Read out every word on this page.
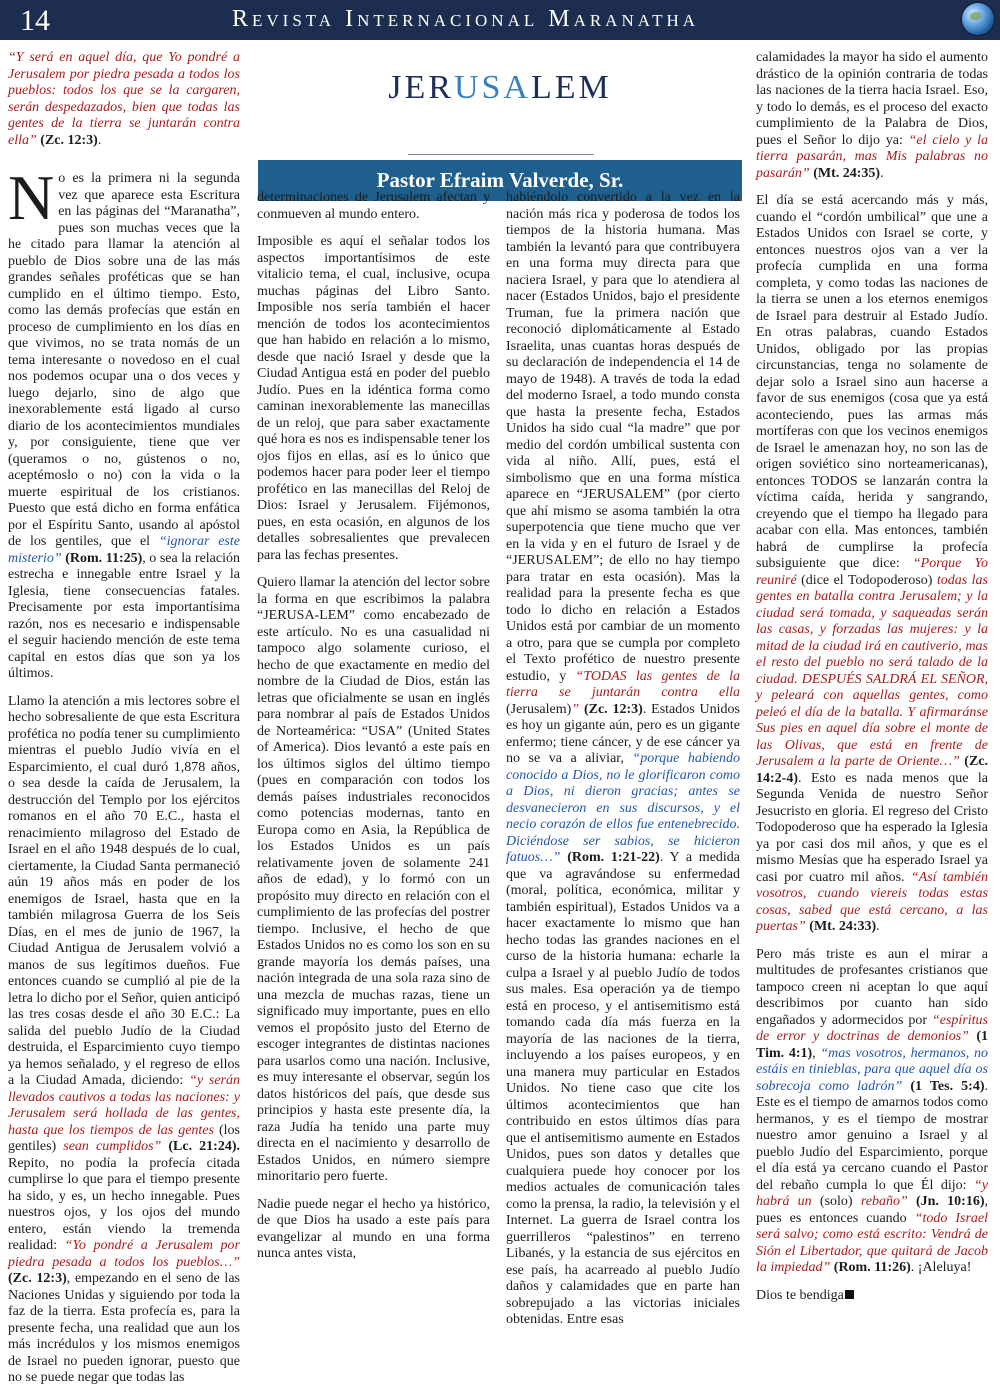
14	Revista Internacional Maranatha
JERUSALEM
Pastor Efraim Valverde, Sr.

“Y será en aquel día, que Yo pondré a Jerusalem por piedra pesada a todos los pueblos: todos los que se la cargaren, serán despedazados, bien que todas las gentes de la tierra se juntarán contra ella” (Zc. 12:3).

No es la primera ni la segunda vez que aparece esta Escritura en las páginas del “Maranatha”, pues son muchas veces que la he citado para llamar la atención al pueblo de Dios sobre una de las más grandes señales proféticas que se han cumplido en el último tiempo. Esto, como las demás profecías que están en proceso de cumplimiento en los días en que vivimos, no se trata nomás de un tema interesante o novedoso en el cual nos podemos ocupar una o dos veces y luego dejarlo, sino de algo que inexorablemente está ligado al curso diario de los acontecimientos mundiales y, por consiguiente, tiene que ver (queramos o no, gústenos o no, aceptémoslo o no) con la vida o la muerte espiritual de los cristianos. Puesto que está dicho en forma enfática por el Espíritu Santo, usando al apóstol de los gentiles, que el “ignorar este misterio” (Rom. 11:25), o sea la relación estrecha e innegable entre Israel y la Iglesia, tiene consecuencias fatales. Precisamente por esta importantísima razón, nos es necesario e indispensable el seguir haciendo mención de este tema capital en estos días que son ya los últimos.

Llamo la atención a mis lectores sobre el hecho sobresaliente de que esta Escritura profética no podía tener su cumplimiento mientras el pueblo Judío vivía en el Esparcimiento, el cual duró 1,878 años, o sea desde la caída de Jerusalem, la destrucción del Templo por los ejércitos romanos en el año 70 E.C., hasta el renacimiento milagroso del Estado de Israel en el año 1948 después de lo cual, ciertamente, la Ciudad Santa permaneció aún 19 años más en poder de los enemigos de Israel, hasta que en la también milagrosa Guerra de los Seis Días, en el mes de junio de 1967, la Ciudad Antigua de Jerusalem volvió a manos de sus legítimos dueños. Fue entonces cuando se cumplió al pie de la letra lo dicho por el Señor, quien anticipó las tres cosas desde el año 30 E.C.: La salida del pueblo Judío de la Ciudad destruida, el Esparcimiento cuyo tiempo ya hemos señalado, y el regreso de ellos a la Ciudad Amada, diciendo: “y serán llevados cautivos a todas las naciones: y Jerusalem será hollada de las gentes, hasta que los tiempos de las gentes (los gentiles) sean cumplidos” (Lc. 21:24). Repito, no podía la profecía citada cumplirse lo que para el tiempo presente ha sido, y es, un hecho innegable. Pues nuestros ojos, y los ojos del mundo entero, están viendo la tremenda realidad: “Yo pondré a Jerusalem por piedra pesada a todos los pueblos…” (Zc. 12:3), empezando en el seno de las Naciones Unidas y siguiendo por toda la faz de la tierra. Esta profecía es, para la presente fecha, una realidad que aun los más incrédulos y los mismos enemigos de Israel no pueden ignorar, puesto que no se puede negar que todas las

determinaciones de Jerusalem afectan y conmueven al mundo entero.

Imposible es aquí el señalar todos los aspectos importantísimos de este vitalicio tema, el cual, inclusive, ocupa muchas páginas del Libro Santo. Imposible nos sería también el hacer mención de todos los acontecimientos que han habido en relación a lo mismo, desde que nació Israel y desde que la Ciudad Antigua está en poder del pueblo Judío. Pues en la idéntica forma como caminan inexorablemente las manecillas de un reloj, que para saber exactamente qué hora es nos es indispensable tener los ojos fijos en ellas, así es lo único que podemos hacer para poder leer el tiempo profético en las manecillas del Reloj de Dios: Israel y Jerusalem. Fijémonos, pues, en esta ocasión, en algunos de los detalles sobresalientes que prevalecen para las fechas presentes.

Quiero llamar la atención del lector sobre la forma en que escribimos la palabra “JERUSA-LEM” como encabezado de este artículo. No es una casualidad ni tampoco algo solamente curioso, el hecho de que exactamente en medio del nombre de la Ciudad de Dios, están las letras que oficialmente se usan en inglés para nombrar al país de Estados Unidos de Norteamérica: “USA” (United States of America). Dios levantó a este país en los últimos siglos del último tiempo (pues en comparación con todos los demás países industriales reconocidos como potencias modernas, tanto en Europa como en Asia, la República de los Estados Unidos es un país relativamente joven de solamente 241 años de edad), y lo formó con un propósito muy directo en relación con el cumplimiento de las profecías del postrer tiempo. Inclusive, el hecho de que Estados Unidos no es como los son en su grande mayoría los demás países, una nación integrada de una sola raza sino de una mezcla de muchas razas, tiene un significado muy importante, pues en ello vemos el propósito justo del Eterno de escoger integrantes de distintas naciones para usarlos como una nación. Inclusive, es muy interesante el observar, según los datos históricos del país, que desde sus principios y hasta este presente día, la raza Judía ha tenido una parte muy directa en el nacimiento y desarrollo de Estados Unidos, en número siempre minoritario pero fuerte.

Nadie puede negar el hecho ya histórico, de que Dios ha usado a este país para evangelizar al mundo en una forma nunca antes vista,

habiéndolo convertido a la vez en la nación más rica y poderosa de todos los tiempos de la historia humana. Mas también la levantó para que contribuyera en una forma muy directa para que naciera Israel, y para que lo atendiera al nacer (Estados Unidos, bajo el presidente Truman, fue la primera nación que reconoció diplomáticamente al Estado Israelita, unas cuantas horas después de su declaración de independencia el 14 de mayo de 1948). A través de toda la edad del moderno Israel, a todo mundo consta que hasta la presente fecha, Estados Unidos ha sido cual “la madre” que por medio del cordón umbilical sustenta con vida al niño. Allí, pues, está el simbolismo que en una forma mística aparece en “JERUSALEM” (por cierto que ahí mismo se asoma también la otra superpotencia que tiene mucho que ver en la vida y en el futuro de Israel y de “JERUSALEM”; de ello no hay tiempo para tratar en esta ocasión). Mas la realidad para la presente fecha es que todo lo dicho en relación a Estados Unidos está por cambiar de un momento a otro, para que se cumpla por completo el Texto profético de nuestro presente estudio, y “TODAS las gentes de la tierra se juntarán contra ella (Jerusalem)” (Zc. 12:3). Estados Unidos es hoy un gigante aún, pero es un gigante enfermo; tiene cáncer, y de ese cáncer ya no se va a aliviar, “porque habiendo conocido a Dios, no le glorificaron como a Dios, ni dieron gracias; antes se desvanecieron en sus discursos, y el necio corazón de ellos fue entenebrecido. Diciéndose ser sabios, se hicieron fatuos…” (Rom. 1:21-22). Y a medida que va agravándose su enfermedad (moral, política, económica, militar y también espiritual), Estados Unidos va a hacer exactamente lo mismo que han hecho todas las grandes naciones en el curso de la historia humana: echarle la culpa a Israel y al pueblo Judío de todos sus males. Esa operación ya de tiempo está en proceso, y el antisemitismo está tomando cada día más fuerza en la mayoría de las naciones de la tierra, incluyendo a los países europeos, y en una manera muy particular en Estados Unidos. No tiene caso que cite los últimos acontecimientos que han contribuido en estos últimos días para que el antisemitismo aumente en Estados Unidos, pues son datos y detalles que cualquiera puede hoy conocer por los medios actuales de comunicación tales como la prensa, la radio, la televisión y el Internet. La guerra de Israel contra los guerrilleros “palestinos” en terreno Libanés, y la estancia de sus ejércitos en ese país, ha acarreado al pueblo Judío daños y calamidades que en parte han sobrepujado a las victorias iniciales obtenidas. Entre esas

calamidades la mayor ha sido el aumento drástico de la opinión contraria de todas las naciones de la tierra hacia Israel. Eso, y todo lo demás, es el proceso del exacto cumplimiento de la Palabra de Dios, pues el Señor lo dijo ya: “el cielo y la tierra pasarán, mas Mis palabras no pasarán” (Mt. 24:35).

El día se está acercando más y más, cuando el “cordón umbilical” que une a Estados Unidos con Israel se corte, y entonces nuestros ojos van a ver la profecía cumplida en una forma completa, y como todas las naciones de la tierra se unen a los eternos enemigos de Israel para destruir al Estado Judío. En otras palabras, cuando Estados Unidos, obligado por las propias circunstancias, tenga no solamente de dejar solo a Israel sino aun hacerse a favor de sus enemigos (cosa que ya está aconteciendo, pues las armas más mortíferas con que los vecinos enemigos de Israel le amenazan hoy, no son las de origen soviético sino norteamericanas), entonces TODOS se lanzarán contra la víctima caída, herida y sangrando, creyendo que el tiempo ha llegado para acabar con ella. Mas entonces, también habrá de cumplirse la profecía subsiguiente que dice: “Porque Yo reuniré (dice el Todopoderoso) todas las gentes en batalla contra Jerusalem; y la ciudad será tomada, y saqueadas serán las casas, y forzadas las mujeres: y la mitad de la ciudad irá en cautiverio, mas el resto del pueblo no será talado de la ciudad. DESPUÉS SALDRÁ EL SEÑOR, y peleará con aquellas gentes, como peleó el día de la batalla. Y afirmaránse Sus pies en aquel día sobre el monte de las Olivas, que está en frente de Jerusalem a la parte de Oriente…” (Zc. 14:2-4). Esto es nada menos que la Segunda Venida de nuestro Señor Jesucristo en gloria. El regreso del Cristo Todopoderoso que ha esperado la Iglesia ya por casi dos mil años, y que es el mismo Mesías que ha esperado Israel ya casi por cuatro mil años. “Así también vosotros, cuando viereis todas estas cosas, sabed que está cercano, a las puertas” (Mt. 24:33).

Pero más triste es aun el mirar a multitudes de profesantes cristianos que tampoco creen ni aceptan lo que aquí describimos por cuanto han sido engañados y adormecidos por “espíritus de error y doctrinas de demonios” (1 Tim. 4:1), “mas vosotros, hermanos, no estáis en tinieblas, para que aquel día os sobrecoja como ladrón” (1 Tes. 5:4). Este es el tiempo de amarnos todos como hermanos, y es el tiempo de mostrar nuestro amor genuino a Israel y al pueblo Judío del Esparcimiento, porque el día está ya cercano cuando el Pastor del rebaño cumpla lo que Él dijo: “y habrá un (solo) rebaño” (Jn. 10:16), pues es entonces cuando “todo Israel será salvo; como está escrito: Vendrá de Sión el Libertador, que quitará de Jacob la impiedad” (Rom. 11:26). ¡Aleluya!

Dios te bendiga
